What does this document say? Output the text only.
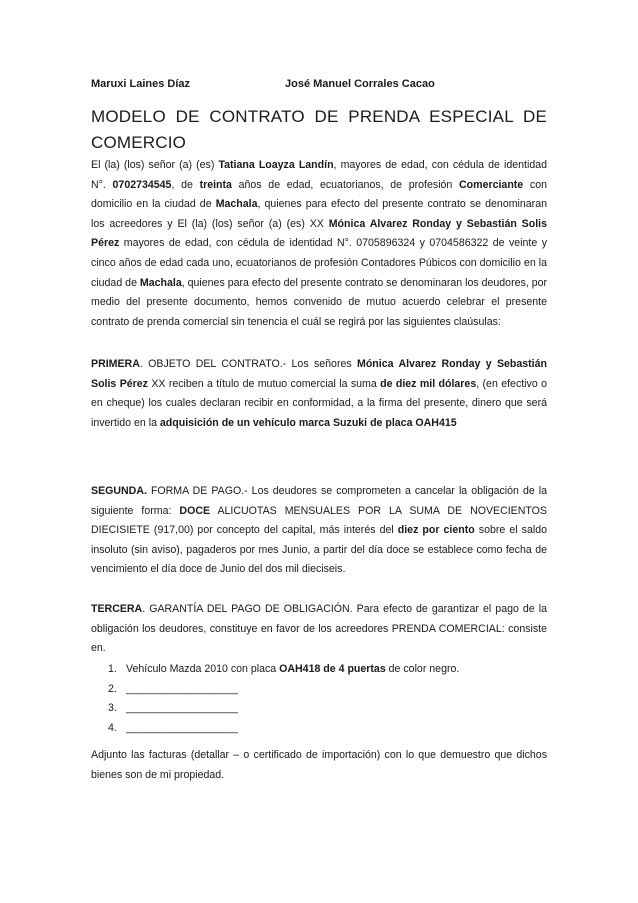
Maruxi Laines Díaz	José Manuel Corrales Cacao
MODELO DE CONTRATO DE PRENDA ESPECIAL DE COMERCIO
El (la) (los) señor (a) (es) Tatiana Loayza Landín, mayores de edad, con cédula de identidad N°. 0702734545, de treinta años de edad, ecuatorianos, de profesión Comerciante con domicilio en la ciudad de Machala, quienes para efecto del presente contrato se denominaran los acreedores y El (la) (los) señor (a) (es) XX Mónica Alvarez Ronday y Sebastián Solis Pérez mayores de edad, con cédula de identidad N°. 0705896324 y 0704586322 de veinte y cinco años de edad cada uno, ecuatorianos de profesión Contadores Púbicos con domicilio en la ciudad de Machala, quienes para efecto del presente contrato se denominaran los deudores, por medio del presente documento, hemos convenido de mutuo acuerdo celebrar el presente contrato de prenda comercial sin tenencia el cuál se regirá por las siguientes claúsulas:
PRIMERA. OBJETO DEL CONTRATO.- Los señores Mónica Alvarez Ronday y Sebastián Solis Pérez XX reciben a título de mutuo comercial la suma de diez mil dólares, (en efectivo o en cheque) los cuales declaran recibir en conformidad, a la firma del presente, dinero que será invertido en la adquisición de un vehículo marca Suzuki de placa OAH415
SEGUNDA. FORMA DE PAGO.- Los deudores se comprometen a cancelar la obligación de la siguiente forma: DOCE ALICUOTAS MENSUALES POR LA SUMA DE NOVECIENTOS DIECISIETE (917,00) por concepto del capital, más interés del diez por ciento sobre el saldo insoluto (sin aviso), pagaderos por mes Junio, a partir del día doce se establece como fecha de vencimiento el día doce de Junio del dos mil dieciseis.
TERCERA. GARANTÍA DEL PAGO DE OBLIGACIÓN. Para efecto de garantizar el pago de la obligación los deudores, constituye en favor de los acreedores PRENDA COMERCIAL: consiste en.
1. Vehículo Mazda 2010 con placa OAH418 de 4 puertas de color negro.
2. ___________________
3. ___________________
4. ___________________
Adjunto las facturas (detallar – o certificado de importación) con lo que demuestro que dichos bienes son de mi propiedad.
